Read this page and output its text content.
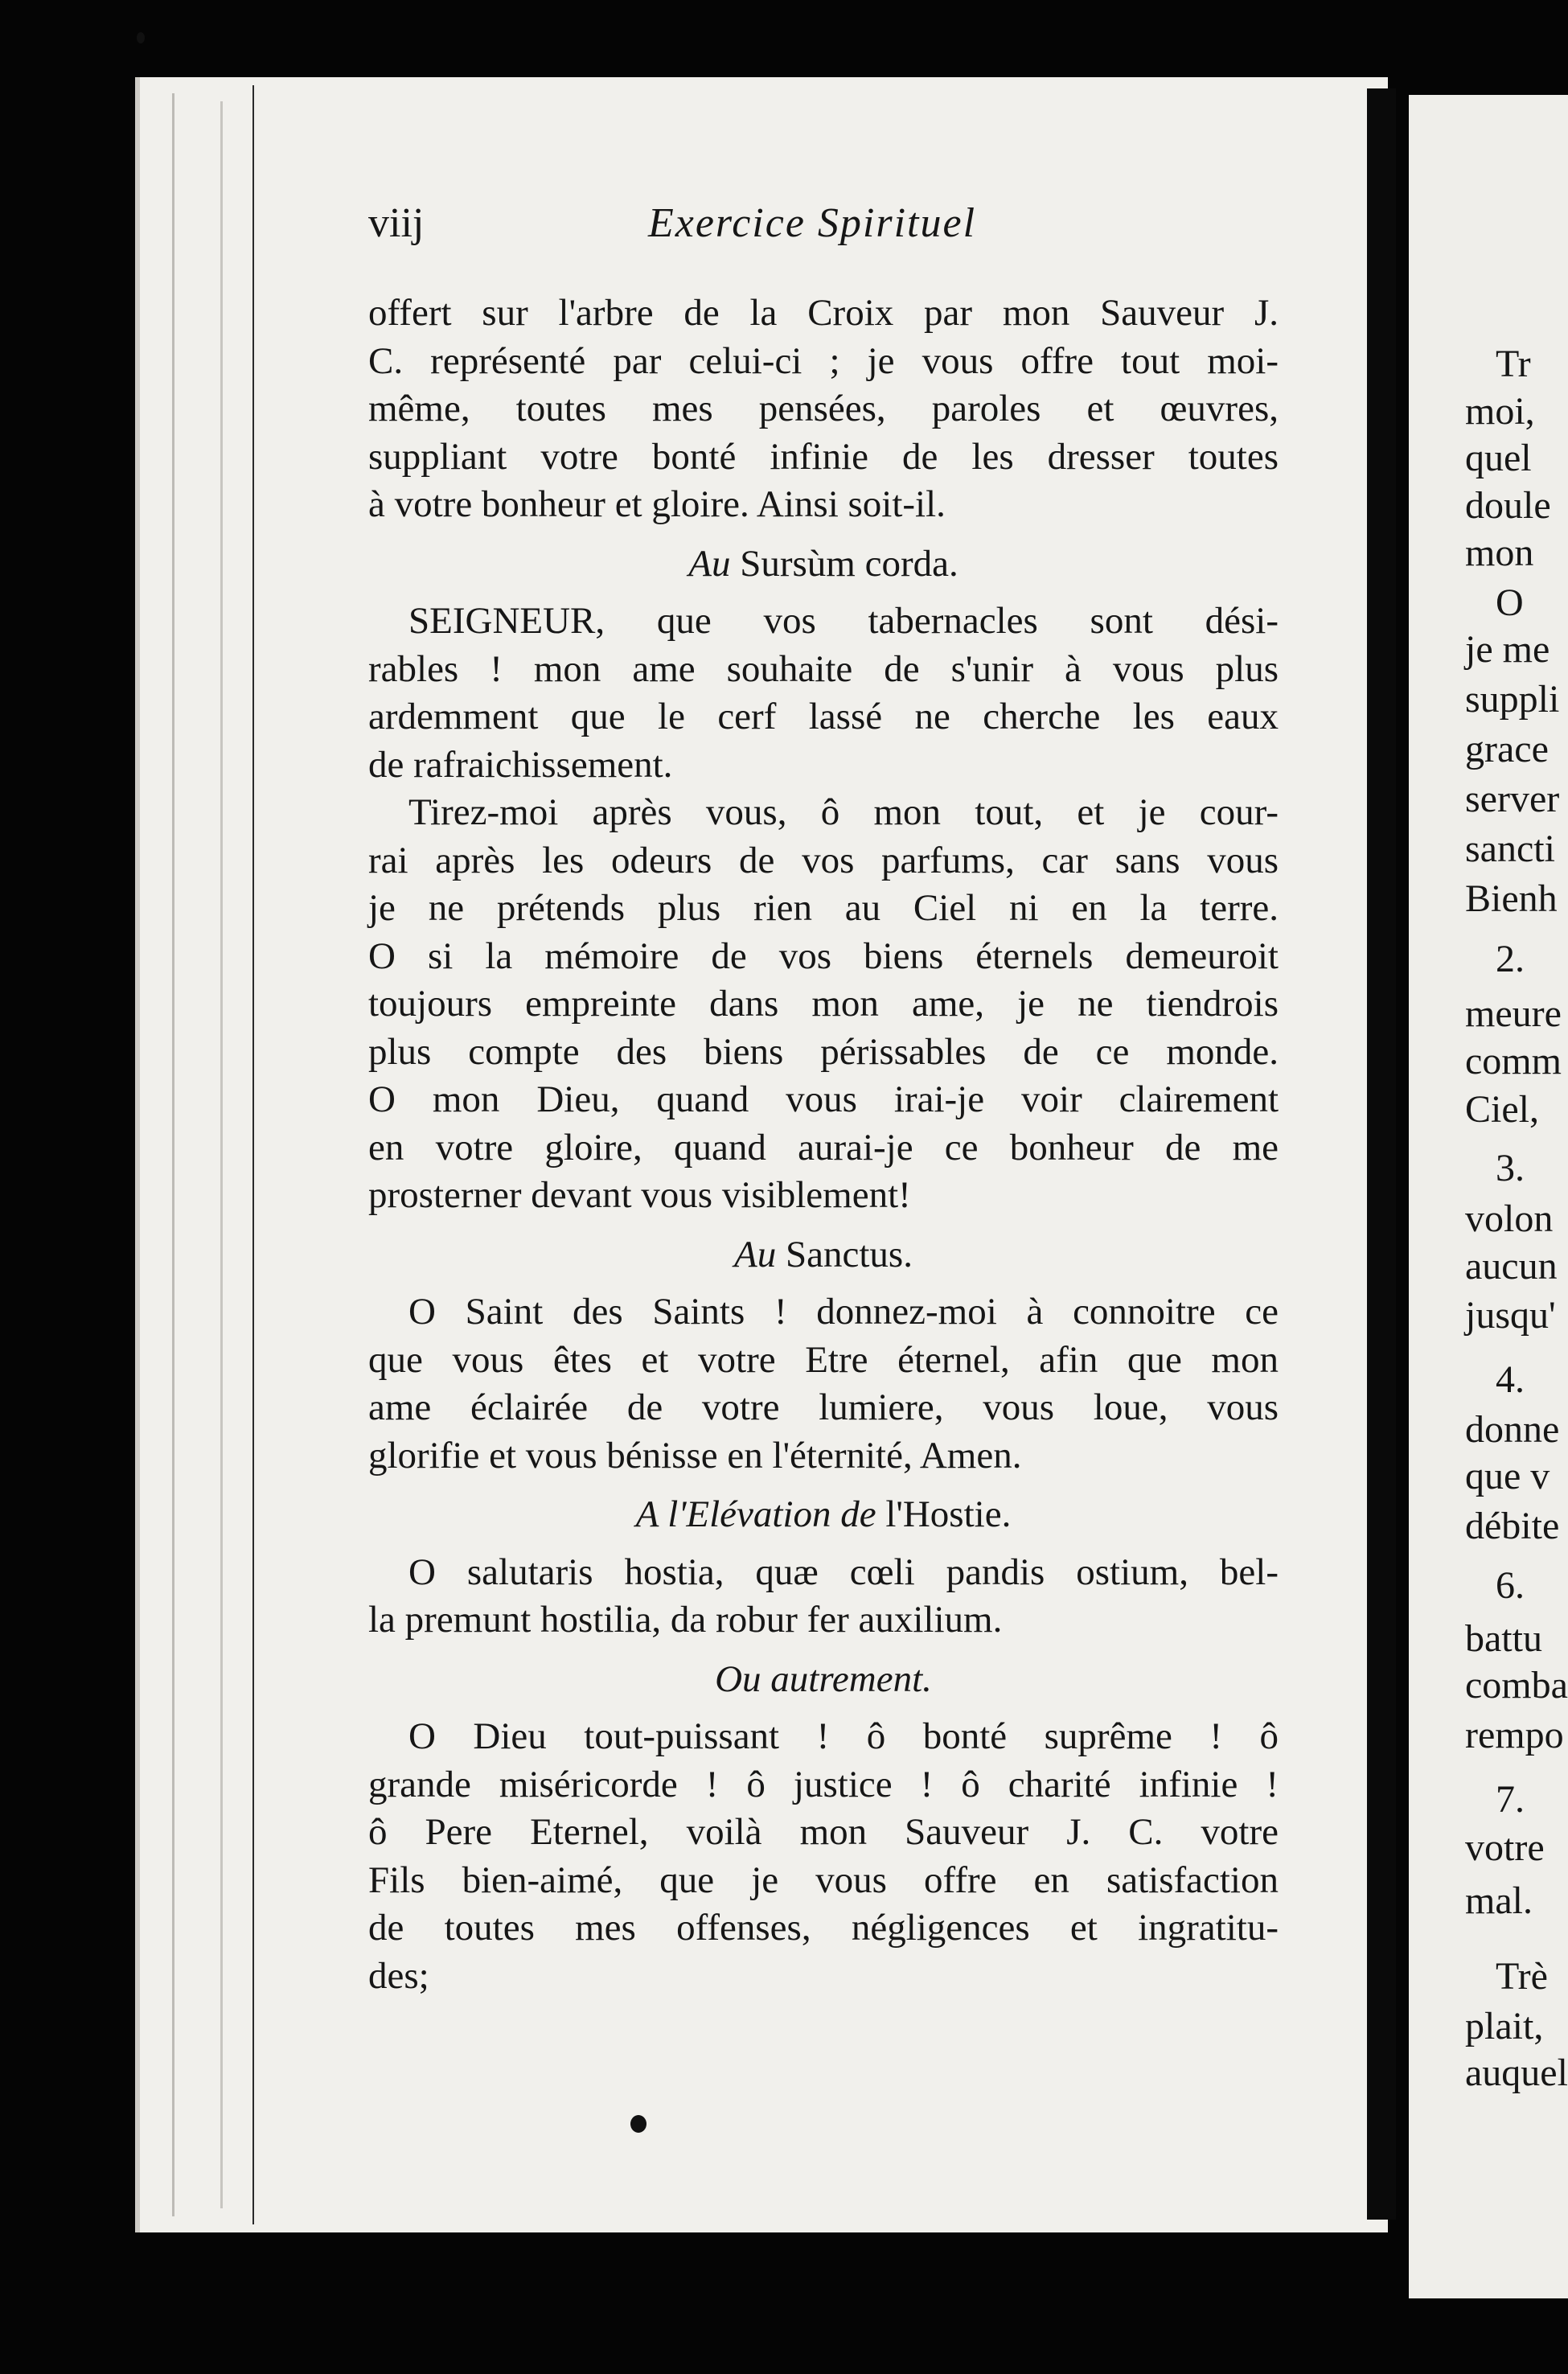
Tr
moi,
quel
doule
mon
O
je me
suppli
grace
server
sancti
Bienh
2.
meure
comm
Ciel,
3.
volon
aucun
jusqu'
4.
donne
que v
débite
6.
battu
comba
rempo
7.
votre
mal.
Trè
plait,
auquel
viij	Exercice Spirituel
offert sur l'arbre de la Croix par mon Sauveur J.
C. représenté par celui-ci ; je vous offre tout moi-
même, toutes mes pensées, paroles et œuvres,
suppliant votre bonté infinie de les dresser toutes
à votre bonheur et gloire. Ainsi soit-il.
Au Sursùm corda.
SEIGNEUR, que vos tabernacles sont dési-
rables ! mon ame souhaite de s'unir à vous plus
ardemment que le cerf lassé ne cherche les eaux
de rafraichissement.
Tirez-moi après vous, ô mon tout, et je cour-
rai après les odeurs de vos parfums, car sans vous
je ne prétends plus rien au Ciel ni en la terre.
O si la mémoire de vos biens éternels demeuroit
toujours empreinte dans mon ame, je ne tiendrois
plus compte des biens périssables de ce monde.
O mon Dieu, quand vous irai-je voir clairement
en votre gloire, quand aurai-je ce bonheur de me
prosterner devant vous visiblement!
Au Sanctus.
O Saint des Saints ! donnez-moi à connoitre ce
que vous êtes et votre Etre éternel, afin que mon
ame éclairée de votre lumiere, vous loue, vous
glorifie et vous bénisse en l'éternité, Amen.
A l'Elévation de l'Hostie.
O salutaris hostia, quæ cœli pandis ostium, bel-
la premunt hostilia, da robur fer auxilium.
Ou autrement.
O Dieu tout-puissant ! ô bonté suprême ! ô
grande miséricorde ! ô justice ! ô charité infinie !
ô Pere Eternel, voilà mon Sauveur J. C. votre
Fils bien-aimé, que je vous offre en satisfaction
de toutes mes offenses, négligences et ingratitu-
des;
